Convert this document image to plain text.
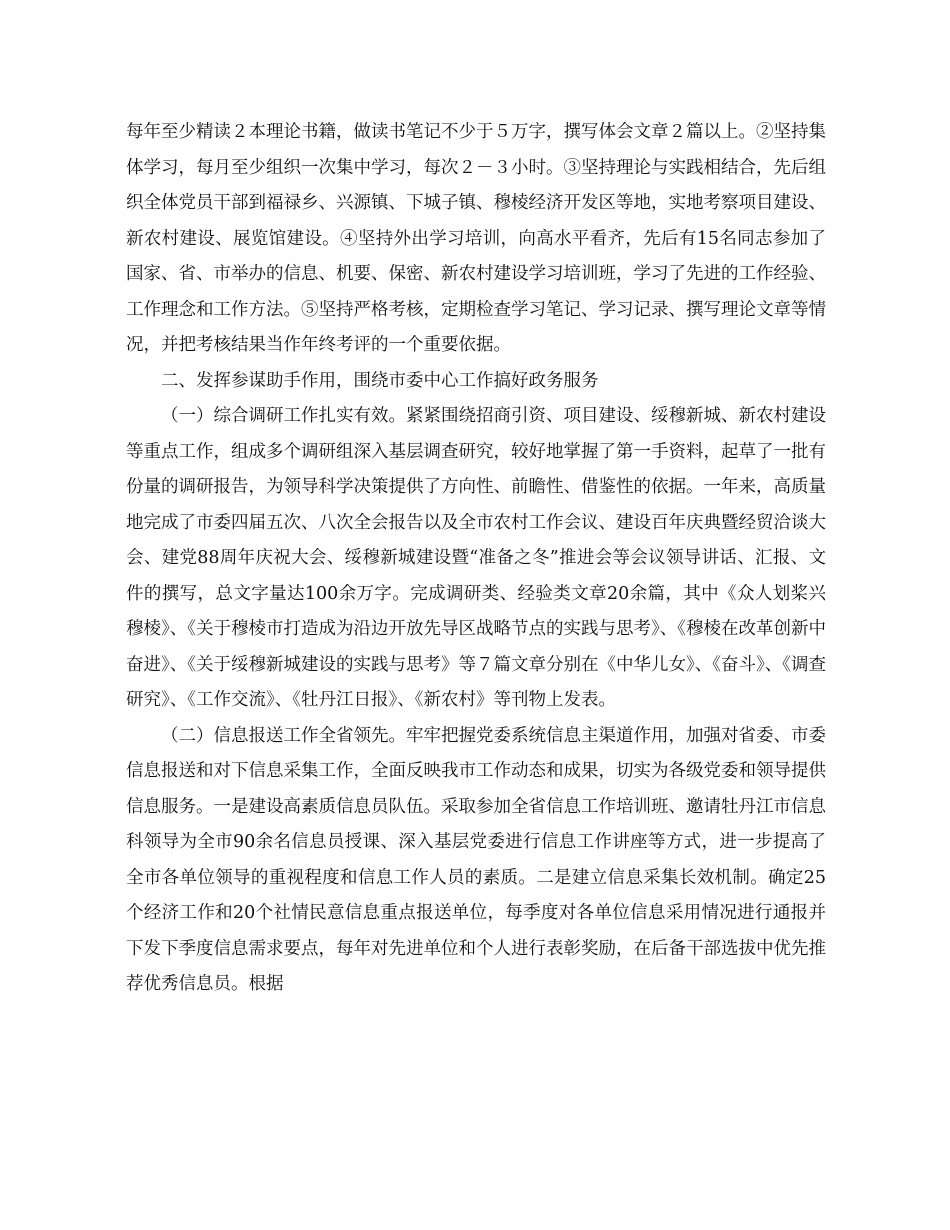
每年至少精读２本理论书籍，做读书笔记不少于５万字，撰写体会文章２篇以上。②坚持集体学习，每月至少组织一次集中学习，每次２－３小时。③坚持理论与实践相结合，先后组织全体党员干部到福禄乡、兴源镇、下城子镇、穆棱经济开发区等地，实地考察项目建设、新农村建设、展览馆建设。④坚持外出学习培训，向高水平看齐，先后有15名同志参加了国家、省、市举办的信息、机要、保密、新农村建设学习培训班，学习了先进的工作经验、工作理念和工作方法。⑤坚持严格考核，定期检查学习笔记、学习记录、撰写理论文章等情况，并把考核结果当作年终考评的一个重要依据。

二、发挥参谋助手作用，围绕市委中心工作搞好政务服务

（一）综合调研工作扎实有效。紧紧围绕招商引资、项目建设、绥穆新城、新农村建设等重点工作，组成多个调研组深入基层调查研究，较好地掌握了第一手资料，起草了一批有份量的调研报告，为领导科学决策提供了方向性、前瞻性、借鉴性的依据。一年来，高质量地完成了市委四届五次、八次全会报告以及全市农村工作会议、建设百年庆典暨经贸洽谈大会、建党88周年庆祝大会、绥穆新城建设暨“准备之冬”推进会等会议领导讲话、汇报、文件的撰写，总文字量达100余万字。完成调研类、经验类文章20余篇，其中《众人划桨兴穆棱》、《关于穆棱市打造成为沿边开放先导区战略节点的实践与思考》、《穆棱在改革创新中奋进》、《关于绥穆新城建设的实践与思考》等７篇文章分别在《中华儿女》、《奋斗》、《调查研究》、《工作交流》、《牡丹江日报》、《新农村》等刊物上发表。

（二）信息报送工作全省领先。牢牢把握党委系统信息主渠道作用，加强对省委、市委信息报送和对下信息采集工作，全面反映我市工作动态和成果，切实为各级党委和领导提供信息服务。一是建设高素质信息员队伍。采取参加全省信息工作培训班、邀请牡丹江市信息科领导为全市90余名信息员授课、深入基层党委进行信息工作讲座等方式，进一步提高了全市各单位领导的重视程度和信息工作人员的素质。二是建立信息采集长效机制。确定25个经济工作和20个社情民意信息重点报送单位，每季度对各单位信息采用情况进行通报并下发下季度信息需求要点，每年对先进单位和个人进行表彰奖励，在后备干部选拔中优先推荐优秀信息员。根据
